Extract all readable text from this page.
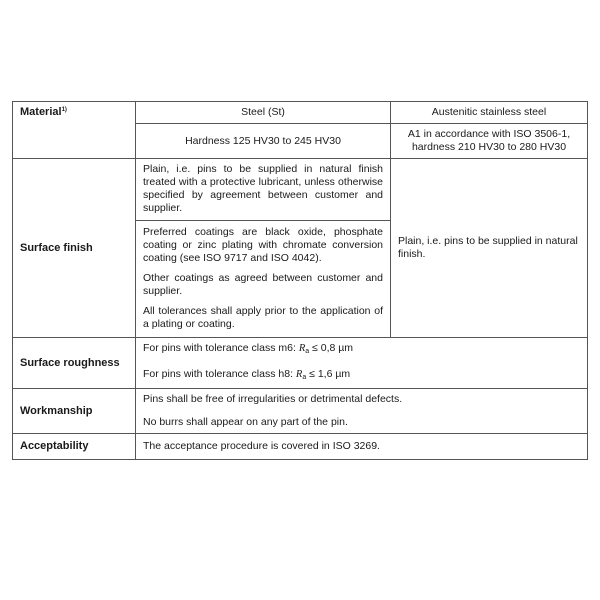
Material$^{1)}$	Steel (St)	Austenitic stainless steel
	Hardness 125 HV30 to 245 HV30	A1 in accordance with ISO 3506-1,
hardness 210 HV30 to 280 HV30

Surface finish	Plain, i.e. pins to be supplied in natural finish treated with a protective lubricant, unless otherwise specified by agreement between customer and supplier.

Preferred coatings are black oxide, phosphate coating or zinc plating with chromate conversion coating (see ISO 9717 and ISO 4042).

Other coatings as agreed between customer and supplier.

All tolerances shall apply prior to the application of a plating or coating.	Plain, i.e. pins to be supplied in natural finish.
Surface roughness	For pins with tolerance class m6: $R_a \le 0,8$ µm

For pins with tolerance class h8: $R_a \le 1,6$ µm	

Workmanship	Pins shall be free of irregularities or detrimental defects.

No burrs shall appear on any part of the pin.	

Acceptability	The acceptance procedure is covered in ISO 3269.	
